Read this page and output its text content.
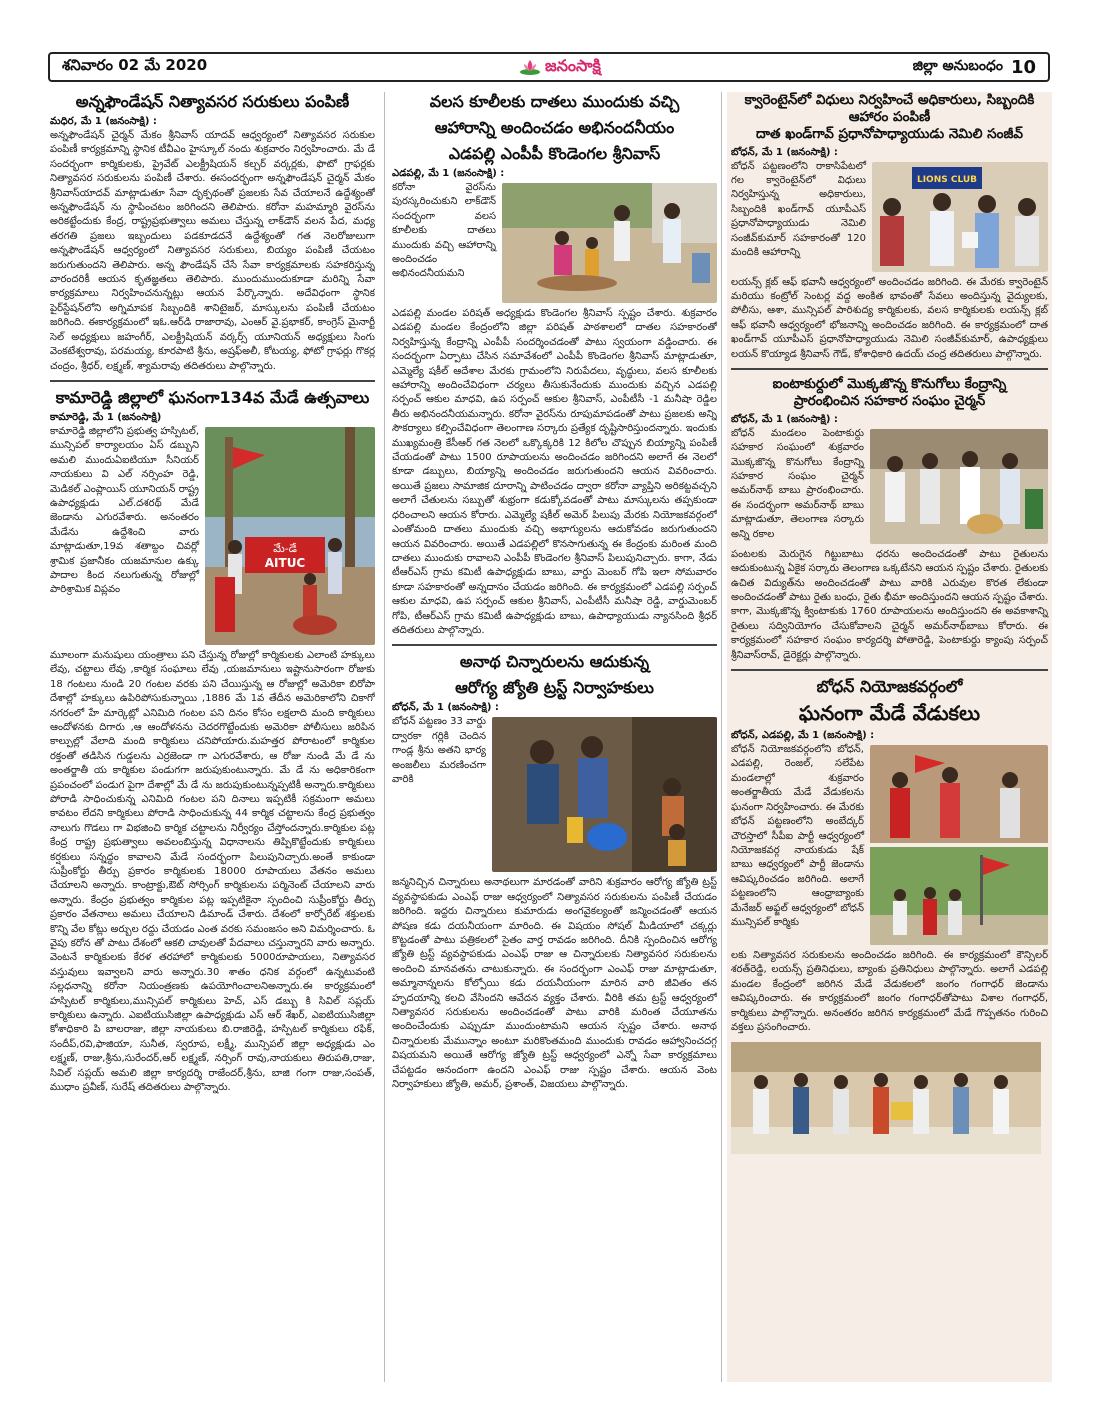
శనివారం 02 మే 2020	జనంసాక్షి	జిల్లా అనుబంధం 10
అన్నఫౌండేషన్ నిత్యావసర సరుకులు పంపిణీ
మధిర, మే 1 (జనంసాక్షి) :

అన్నఫౌండేషన్ చైర్మన్ మేకం శ్రీనివాస్ యాదవ్ ఆధ్వర్యంలో నిత్యావసర సరుకుల పంపిణీ కార్యక్రమాన్ని స్థానిక టీవీఎం హైస్కూల్ నందు శుక్రవారం నిర్వహించారు. మే డే సందర్భంగా కార్మికులకు, ప్రైవేట్ ఎలక్ట్రీషియన్ కల్చర్ వర్కర్లకు, ఫొటో గ్రాఫర్లకు నిత్యావసర సరుకులను పంపిణీ చేశారు. ఈసందర్భంగా అన్నఫౌండేషన్ చైర్మన్ మేకం శ్రీనివాస్‌యాదవ్ మాట్లాడుతూ సేవా దృక్పథంతో ప్రజలకు సేవ చేయాలనే ఉద్దేశ్యంతో అన్నఫౌండేషన్ ను స్థాపించటం జరిగిందని తెలిపారు. కరోనా మహమ్మారి వైరస్‌ను అరికట్టేందుకు కేంద్ర, రాష్ట్రప్రభుత్వాలు అమలు చేస్తున్న లాక్‌డౌన్ వలన పేద, మధ్య తరగతి ప్రజలు ఇబ్బందులు పడకూడదనే ఉద్దేశ్యంతో గత నెలరోజులుగా అన్నఫౌండేషన్ ఆధ్వర్యంలో నిత్యావసర సరుకులు, బియ్యం పంపిణీ చేయటం జరుగుతుందని తెలిపారు. అన్న ఫౌండేషన్ చేసే సేవా కార్యక్రమాలకు సహకరిస్తున్న వారందరికీ ఆయన కృతజ్ఞతలు తెలిపారు. ముందుముందుకూడా మరిన్ని సేవా కార్యక్రమాలు నిర్వహించనున్నట్లు ఆయన పేర్కొన్నారు. అదేవిధంగా స్థానిక పైర్‌స్టేషన్‌లోని అగ్నిమాపక సిబ్బందికి శానిటైజర్, మాస్కులను పంపిణీ చేయటం జరిగింది. ఈకార్యక్రమంలో ఇఓ.ఆర్‌డి రాజారావు, ఎంఆర్ వై.ప్రభాకర్, కాంగ్రెస్ మైనార్టీ సెల్ అధ్యక్షులు జహంగీర్, ఎలక్ట్రీషియన్ వర్కర్స్ యూనియన్ అధ్యక్షులు సింగు వెంకటేశ్వరావు, పరమయ్య, కూరపాటి శ్రీను, అష్రఫ్‌అలీ, కోటయ్య, ఫోటో గ్రాఫర్లు గొకర్ల చంద్రం, శ్రీధర్, లక్ష్మణ్, శ్యామరావు తదితరులు పాల్గొన్నారు.

కామారెడ్డి జిల్లాలో ఘనంగా134వ మేడే ఉత్సవాలు
కామారెడ్డి, మే 1 (జనంసాక్షి)
మే-డే
AITUC

కామారెడ్డి జిల్లాలోని ప్రభుత్వ హస్పిటల్, మున్సిపల్ కార్యాలయం ఏస్ డబ్బుని అమలి ముందుఏఐటియూ సీనియర్ నాయకులు వి ఎల్ నర్సింహ రెడ్డి, మెడికల్ ఎంప్లాయిస్ యూనియన్ రాష్ట్ర ఉపాధ్యక్షుడు ఎల్.దశరథ్ మేడే జెండాను ఎగురవేశారు. అనంతరం మేడేను ఉద్దేశించి వారు మాట్లాడుతూ,19వ శతాబ్దం చివర్లో శ్రామిక ప్రజానీకం యజమానుల ఉక్కు పాదాల కింద నలుగుతున్న రోజుల్లో పారిశ్రామిక విప్లవం

మూలంగా మనుషులు యంత్రాలు పని చేస్తున్న రోజుల్లో కార్మికులకు ఎలాంటి హక్కులు లేవు, చట్టాలు లేవు ,కార్మిక సంఘాలు లేవు ,యజమానులు ఇష్టానుసారంగా రోజుకు 18 గంటలు నుండి 20 గంటల వరకు పని చేయిస్తున్న ఆ రోజుల్లో అమెరికా బిరోపా దేశాల్లో హక్కులు ఉపిరిపోసుకున్నాయి ,1886 మే 1వ తేదీన అమెరికాలోని చికాగో నగరంలో హే మార్కెట్లో ఎనిమిది గంటల పని దినం కోసం లక్షలాది మంది కార్మికులు ఆందోళనకు దిగారు ,ఆ ఆందోళనను చెదరగొట్టేందుకు అమెరికా పోలీసులు జరిపిన కాల్పుల్లో వేలాది మంది కార్మికులు చనిపోయారు.మహత్తర పోరాటంలో కార్మికుల రక్తంతో తడిసిన గుడ్డలను ఎర్రజెండా గా ఎగురవేశారు, ఆ రోజు నుండి మే డే ను అంతర్జాతీ య కార్మికుల పండుగగా జరుపుకుంటున్నారు. మే డే ను అధికారికంగా ప్రపంచంలో పండుగ పైగా దేశాల్లో మే డే ను జరుపుకుంటున్నప్పటికీ అన్నారు.కార్మికులు పోరాడి సాధించుకున్న ఎనిమిది గంటల పని దినాలు ఇప్పటికీ సక్రమంగా అమలు కావటం లేదని కార్మికులు పోరాడి సాధించుకున్న 44 కార్మిక చట్టాలను కేంద్ర ప్రభుత్వం నాలుగు గొడలు గా విభజించి కార్మిక చట్టాలను నిర్వీర్యం చేస్తోందన్నారు.కార్మికుల పట్ల కేంద్ర రాష్ట్ర ప్రభుత్వాలు అవలంబిస్తున్న విధానాలను తిప్పికొట్టేందుకు కార్మికులు కర్షకులు సన్నద్ధం కావాలని మేడే సందర్భంగా పిలుపునిచ్చారు.అంతే కాకుండా సుప్రీంకోర్టు తీర్పు ప్రకారం కార్మికులకు 18000 రూపాయలు వేతనం అమలు చేయాలని అన్నారు. కాంట్రాక్టు,ఔట్ సోర్సింగ్ కార్మికులను పర్మినెంట్ చేయాలని వారు అన్నారు. కేంద్రం ప్రభుత్వం కార్మికుల పట్ల ఇప్పటికైనా స్పందించి సుప్రీంకోర్టు తీర్పు ప్రకారం వేతనాలు అమలు చేయాలని డిమాండ్ చేశారు. దేశంలో కార్పోరేట్ శక్తులకు కొన్ని వేల కోట్లు అర్బుల రద్దు చేయడం ఎంత వరకు సమంజసం అని విమర్శించారు. ఓ వైపు కరోన తో పాటు దేశంలో ఆకలి చావులతో పేదవాలు చస్తున్నారని వారు అన్నారు. వెంటనే కార్మికులకు కేరళ తరహాలో కార్మికులకు 5000రూపాయలు, నిత్యావసర వస్తువులు ఇవ్వాలని వారు అన్నారు.30 శాతం ధనిక వర్గంలో ఉన్నటువంటి సల్లధనాన్ని కరోనా నియంత్రణకు ఉపయోగించాలనిఅన్నారు.ఈ కార్యక్రమంలో హస్పిటల్ కార్మికులు,మున్సిపల్ కార్మికులు హెచ్, ఎస్ డబ్బు కి సివిల్ సప్లయ్ కార్మికులు ఉన్నారు. ఎఐటియుసిజిల్లా ఉపాధ్యక్షుడు ఎస్ ఆర్ శేఖర్, ఎఐటియుసిజిల్లా కోశాధికారి పి బాలరాజు, జిల్లా నాయకులు బి.రాజిరెడ్డి, హస్పిటల్ కార్మికులు రఫిక్, సందీప్,రవి,ఫాజియా, సునీత, స్వరూప, లక్ష్మీ, మున్సిపల్ జిల్లా అధ్యక్షుడు ఎం లక్ష్మణ్, రాజు,శ్రీను,సురేందర్,ఆర్ లక్ష్మణ్, నర్సింగ్ రావు,నాయకులు తిరుపతి,రాజు, సివిల్ సప్లయ్ అమలి జిల్లా కార్యదర్శి రాజేందర్,శ్రీను, బాజి గంగా రాజు,సంపత్, ముధాం ప్రవీణ్, సురేష్ తదితరులు పాల్గొన్నారు.

వలస కూలీలకు దాతలు ముందుకు వచ్చి
ఆహారాన్ని అందించడం అభినందనీయం
ఎడపల్లి ఎంపీపీ కొండెంగల శ్రీనివాస్
ఎడపల్లి, మే 1 (జనంసాక్షి) :

కరోనా వైరస్‌ను పురస్కరించుకుని లాక్‌డౌన్ సందర్భంగా వలస కూలీలకు దాతలు ముందుకు వచ్చి ఆహారాన్ని అందించడం అభినందనీయమని

ఎడపల్లి మండల పరిషత్ అధ్యక్షుడు కొండెంగల శ్రీనివాస్ స్పష్టం చేశారు. శుక్రవారం ఎడపల్లి మండల కేంద్రంలోని జిల్లా పరిషత్ పాఠశాలలో దాతల సహకారంతో నిర్వహిస్తున్న కేంద్రాన్ని ఎంపీపీ సందర్శించడంతో పాటు స్వయంగా వడ్డించారు. ఈ సందర్భంగా ఏర్పాటు చేసిన సమావేశంలో ఎంపీపీ కొండెంగల శ్రీనివాస్ మాట్లాడుతూ, ఎమ్మెల్యే షకీల్ ఆదేశాల మేరకు గ్రామంలోని నిరుపేదలు, వృద్ధులు, వలస కూలీలకు ఆహారాన్ని అందించేవిధంగా చర్యలు తీసుకునేందుకు ముందుకు వచ్చిన ఎడపల్లి సర్పంచ్ ఆకుల మాధవి, ఉప సర్పంచ్ ఆకుల శ్రీనివాస్, ఎంపీటీసీ -1 మనీషా రెడ్డిల తీరు అభినందనీయమన్నారు. కరోనా వైరస్‌ను రూపుమాపడంతో పాటు ప్రజలకు అన్ని సౌకర్యాలు కల్పించేవిధంగా తెలంగాణ సర్కారు ప్రత్యేక దృష్టిసారిస్తుందన్నారు. ఇందుకు ముఖ్యమంత్రి కేసీఆర్ గత నెలలో ఒక్కొక్కరికి 12 కిలోల చొప్పున బియ్యాన్ని పంపిణీ చేయడంతో పాటు 1500 రూపాయలను అందించడం జరిగిందని అలాగే ఈ నెలలో కూడా డబ్బులు, బియ్యాన్ని అందించడం జరుగుతుందని ఆయన వివరించారు. అయితే ప్రజలు సామాజిక దూరాన్ని పాటించడం ద్వారా కరోనా వ్యాప్తిని అరికట్టవచ్చని అలాగే చేతులను సబ్బుతో శుభ్రంగా కడుక్కోవడంతో పాటు మాస్కులను తప్పకుండా ధరించాలని ఆయన కోరారు. ఎమ్మెల్యే షకీల్ అమెర్ పిలుపు మేరకు నియోజకవర్గంలో ఎంతోమంది దాతలు ముందుకు వచ్చి అభాగ్యులను ఆదుకోవడం జరుగుతుందని ఆయన వివరించారు. అయితే ఎడపల్లిలో కొనసాగుతున్న ఈ కేంద్రంకు మరింత మంది దాతలు ముందుకు రావాలని ఎంపీపీ కొండెంగల శ్రీనివాస్ పిలుపునిచ్చారు. కాగా, నేడు టీఆర్ఎస్ గ్రామ కమిటీ ఉపాధ్యక్షుడు బాబు, వార్డు మెంబర్ గోపి ఇలా సోమవారం కూడా సహకారంతో అన్నదానం చేయడం జరిగింది. ఈ కార్యక్రమంలో ఎడపల్లి సర్పంచ్ ఆకుల మాధవి, ఉప సర్పంచ్ ఆకుల శ్రీనివాస్, ఎంపీటీసీ మనీషా రెడ్డి, వార్డుమెంబర్ గోపి, టీఆర్ఎస్ గ్రామ కమిటీ ఉపాధ్యక్షుడు బాబు, ఉపాధ్యాయుడు న్యానసింది శ్రీధర్ తదితరులు పాల్గొన్నారు.

అనాథ చిన్నారులను ఆదుకున్న
ఆరోగ్య జ్యోతి ట్రస్ట్ నిర్వాహకులు
బోధన్, మే 1 (జనంసాక్షి) :

బోధన్ పట్టణం 33 వార్డు ద్వారకా గర్లికి చెందిన గాండ్ల శ్రీను అతని భార్య అంజలీలు మరణించగా వారికి

జన్మనిచ్చిన చిన్నారులు అనాథలుగా మారడంతో వారిని శుక్రవారం ఆరోగ్య జ్యోతి ట్రస్ట్ వ్యవస్థాపకుడు ఎంఎఫ్ రాజు ఆధ్వర్యంలో నిత్యావసర సరుకులను పంపిణీ చేయడం జరిగింది. ఇద్దరు చిన్నారులు కుమారుడు అంగవైకల్యంతో జన్మించడంతో ఆయన పోషణ కడు దయనీయంగా మారింది. ఈ విషయం సోషల్ మీడియాలో చక్కర్లు కొట్టడంతో పాటు పత్రికలలో సైతం వార్త రావడం జరిగింది. దీనికి స్పందించిన ఆరోగ్య జ్యోతి ట్రస్ట్ వ్యవస్థాపకుడు ఎంఎఫ్ రాజు ఆ చిన్నారులకు నిత్యావసర సరుకులను అందించి మానవతను చాటుకున్నారు. ఈ సందర్భంగా ఎంఎఫ్ రాజు మాట్లాడుతూ, అమ్మానాన్నలను కోల్పోయి కడు దయనీయంగా మారిన వారి జీవితం తన హృదయాన్ని కలచి వేసిందని ఆవేదన వ్యక్తం చేశారు. వీరికి తమ ట్రస్ట్ ఆధ్వర్యంలో నిత్యావసర సరుకులను అందించడంతో పాటు వారికి మరింత చేయూతను అందించేందుకు ఎప్పుడూ ముందుంటామని ఆయన స్పష్టం చేశారు. అనాథ చిన్నారులకు మేమున్నాం అంటూ మరికొంతమంది ముందుకు రావడం ఆహ్వానించదగ్గ విషయమని అయితే ఆరోగ్య జ్యోతి ట్రస్ట్ ఆధ్వర్యంలో ఎన్నో సేవా కార్యక్రమాలు చేపట్టడం ఆనందంగా ఉందని ఎంఎఫ్ రాజు స్పష్టం చేశారు. ఆయన వెంట నిర్వాహకులు జ్యోతి, అమర్, ప్రశాంత్, విజయలు పాల్గొన్నారు.

క్వారెంటైన్‌లో విధులు నిర్వహించే అధికారులు, సిబ్బందికి ఆహారం పంపిణీ
దాత ఖండ్‌గావ్ ప్రధానోపాధ్యాయుడు నెమిలి సంజీవ్
బోధన్, మే 1 (జనంసాక్షి) :
LIONS CLUB

బోధన్ పట్టణంలోని రాకాసిపేటలో గల క్వారెంటైన్‌లో విధులు నిర్వహిస్తున్న అధికారులు, సిబ్బందికి ఖండ్‌గావ్ యూపీఎస్ ప్రధానోపాధ్యాయుడు నెమిలి సంజీవ్‌కుమార్ సహకారంతో 120 మందికి ఆహారాన్ని

లయన్స్ క్లబ్ ఆఫ్ భవానీ ఆధ్వర్యంలో అందించడం జరిగింది. ఈ మేరకు క్వారెంటైన్ మరియు కంట్రోల్ సెంటర్ల వద్ద అంకిత భావంతో సేవలు అందిస్తున్న వైద్యులకు, పోలీసు, ఆశా, మున్సిపల్ పారిశుద్య కార్మికులకు, వలస కార్మికులకు లయన్స్ క్లబ్ ఆఫ్ భవానీ ఆధ్వర్యంలో భోజనాన్ని అందించడం జరిగింది. ఈ కార్యక్రమంలో దాత ఖండ్‌గావ్ యూపీఎస్ ప్రధానోపాధ్యాయుడు నెమిలి సంజీవ్‌కుమార్, ఉపాధ్యక్షులు లయన్ కొయ్యాడ శ్రీనివాస్ గౌడ్, కోశాధికారి ఉదయ్ చంద్ర తదితరులు పాల్గొన్నారు.

ఐంటాకుర్దులో మొక్కజొన్న కొనుగోలు కేంద్రాన్ని
ప్రారంభించిన సహకార సంఘం చైర్మన్
బోధన్, మే 1 (జనంసాక్షి) :

బోధన్ మండలం పెంటాకుర్దు సహకార సంఘంలో శుక్రవారం మొక్కజొన్న కొనుగోలు కేంద్రాన్ని సహకార సంఘం చైర్మన్ అమర్‌నాథ్ బాబు ప్రారంభించారు. ఈ సందర్భంగా అమర్‌నాథ్ బాబు మాట్లాడుతూ, తెలంగాణ సర్కారు అన్ని రకాల

పంటలకు మెరుగైన గిట్టుబాటు ధరను అందించడంతో పాటు రైతులను ఆదుకుంటున్న ఏకైక సర్కారు తెలంగాణ ఒక్కటేనని ఆయన స్పష్టం చేశారు. రైతులకు ఉచిత విద్యుత్‌ను అందించడంతో పాటు వారికి ఎరువుల కొరత లేకుండా అందించడంతో పాటు రైతు బంధు, రైతు భీమా అందిస్తుందని ఆయన స్పష్టం చేశారు. కాగా, మొక్కజొన్న క్వింటాకుకు 1760 రూపాయలను అందిస్తుందని ఈ అవకాశాన్ని రైతులు సద్వినియోగం చేసుకోవాలని చైర్మన్ అమర్‌నాథ్‌బాబు కోరారు. ఈ కార్యక్రమంలో సహకార సంఘం కార్యదర్శి పోతారెడ్డి, పెంటాకుర్దు క్యాంపు సర్పంచ్ శ్రీనివాస్‌రావ్, డైరెక్టర్లు పాల్గొన్నారు.

బోధన్ నియోజకవర్గంలో
ఘనంగా మేడే వేడుకలు
బోధన్, ఎడపల్లి, మే 1 (జనంసాక్షి) :

బోధన్ నియోజకవర్గంలోని బోధన్, ఎడపల్లి, రెంజల్, సలేపేట మండలాల్లో శుక్రవారం అంతర్జాతీయ మేడే వేడుకలను ఘనంగా నిర్వహించారు. ఈ మేరకు బోధన్ పట్టణంలోని అంబేద్కర్ చౌరస్తాలో సీపీఐ పార్టీ ఆధ్వర్యంలో నియోజకవర్గ నాయకుడు షేక్ బాబు ఆధ్వర్యంలో పార్టీ జెండాను ఆవిష్కరించడం జరిగింది. అలాగే పట్టణంలోని ఆంధ్రాబ్యాంకు మేనేజర్ అఫ్జల్ ఆధ్వర్యంలో బోధన్ మున్సిపల్ కార్మికు

లకు నిత్యావసర సరుకులను అందించడం జరిగింది. ఈ కార్యక్రమంలో కౌన్సిలర్ శరత్‌రెడ్డి, లయన్స్ ప్రతినిధులు, బ్యాంకు ప్రతినిధులు పాల్గొన్నారు. అలాగే ఎడపల్లి మండల కేంద్రంలో జరిగిన మేడే వేడుకలలో జంగం గంగాధర్ జెండాను ఆవిష్కరించారు. ఈ కార్యక్రమంలో జంగం గంగాధర్‌తోపాటు విశాల గంగాధర్, కార్మికులు పాల్గొన్నారు. అనంతరం జరిగిన కార్యక్రమంలో మేడే గొప్పతనం గురించి వక్తలు ప్రసంగించారు.
